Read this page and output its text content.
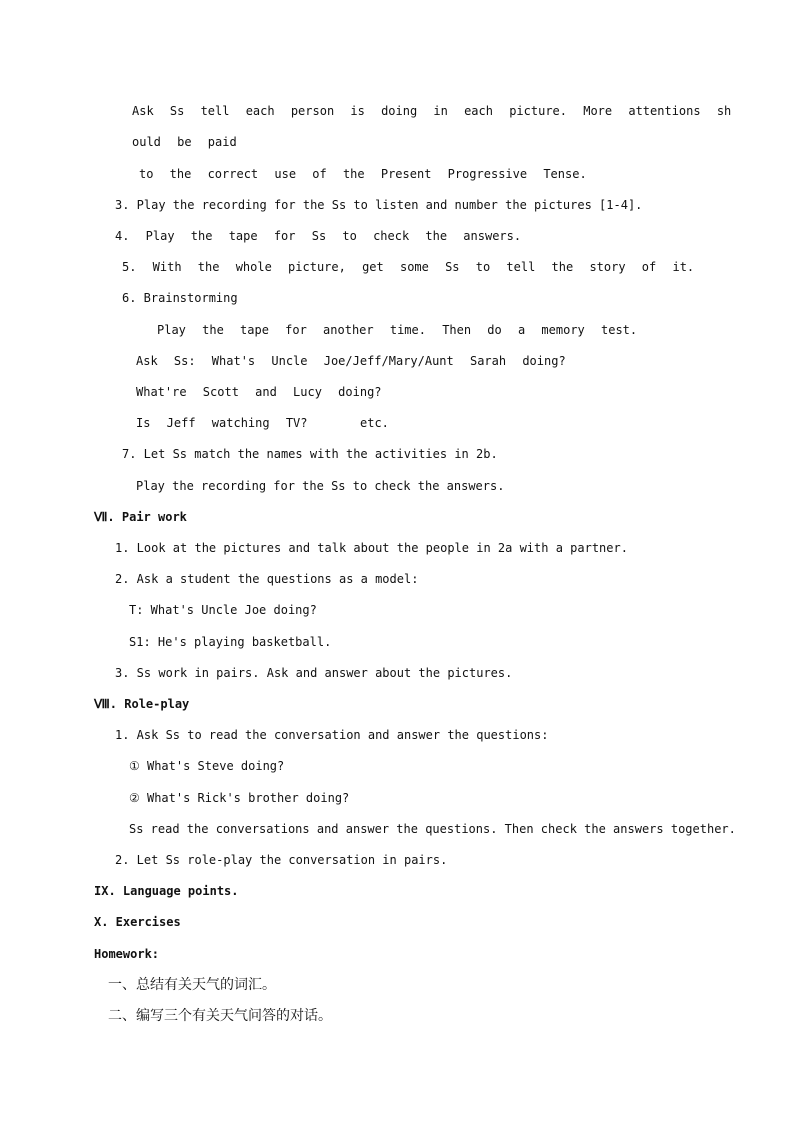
Ask Ss tell each person is doing in each picture. More attentions sh
ould be paid
to the correct use of the Present Progressive Tense.
3. Play the recording for the Ss to listen and number the pictures [1-4].
4. Play the tape for Ss to check the answers.
5. With the whole picture, get some Ss to tell the story of it.
6. Brainstorming
Play the tape for another time. Then do a memory test.
Ask Ss: What's Uncle Joe/Jeff/Mary/Aunt Sarah doing?
What're Scott and Lucy doing?
Is Jeff watching TV?	etc.
7. Let Ss match the names with the activities in 2b.
Play the recording for the Ss to check the answers.
Ⅶ. Pair work
1. Look at the pictures and talk about the people in 2a with a partner.
2. Ask a student the questions as a model:
T: What's Uncle Joe doing?
S1: He's playing basketball.
3. Ss work in pairs. Ask and answer about the pictures.
Ⅷ. Role-play
1. Ask Ss to read the conversation and answer the questions:
① What's Steve doing?
② What's Rick's brother doing?
Ss read the conversations and answer the questions. Then check the answers together.
2. Let Ss role-play the conversation in pairs.
IX. Language points.
X. Exercises
Homework:
一、总结有关天气的词汇。
二、编写三个有关天气问答的对话。
